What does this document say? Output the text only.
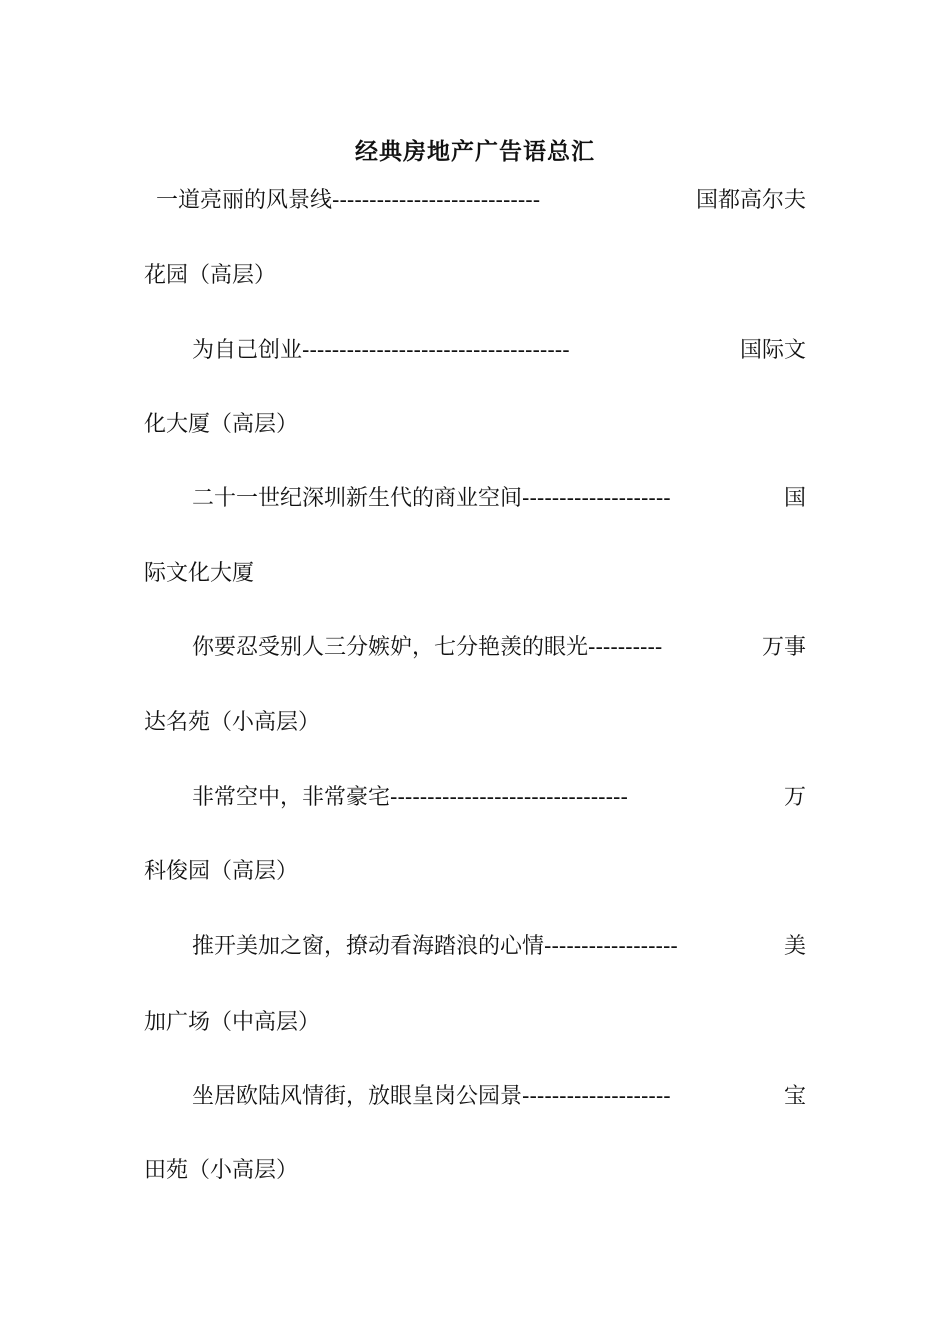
经典房地产广告语总汇
一道亮丽的风景线 ----------------------------	国都高尔夫
花园（高层）
为自己创业 ------------------------------------	国际文
化大厦（高层）
二十一世纪深圳新生代的商业空间 --------------------	国
际文化大厦
你要忍受别人三分嫉妒，七分艳羡的眼光 ----------	万事
达名苑（小高层）
非常空中，非常豪宅 --------------------------------	万
科俊园（高层）
推开美加之窗，撩动看海踏浪的心情 ------------------	美
加广场（中高层）
坐居欧陆风情街，放眼皇岗公园景 --------------------	宝
田苑（小高层）
